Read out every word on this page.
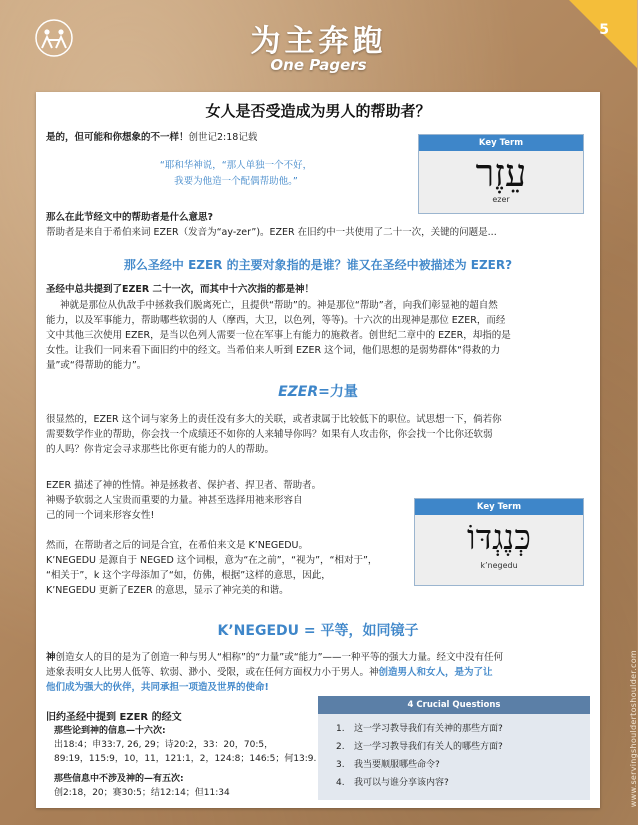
为主奔跑
One Pagers
5
www.servingshouldertoshoulder.com
女人是否受造成为男人的帮助者？
是的，但可能和你想象的不一样！创世记2:18记载
“耶和华神说，“那人单独一个不好，
我要为他造一个配偶帮助他。”
Key Term
עֵזֶר
ezer
那么在此节经文中的帮助者是什么意思?
帮助者是来自于希伯来词 EZER（发音为“ay-zer”)。EZER 在旧约中一共使用了二十一次，关键的问题是...
那么圣经中 EZER 的主要对象指的是谁？谁又在圣经中被描述为 EZER?
圣经中总共提到了EZER 二十一次，而其中十六次指的都是神！
神就是那位从仇敌手中拯救我们脱离死亡，且提供“帮助”的。神是那位“帮助”者，向我们彰显祂的超自然
能力，以及军事能力，帮助哪些软弱的人（摩西，大卫，以色列，等等)。十六次的出现神是那位 EZER，而经
文中其他三次使用 EZER，是当以色列人需要一位在军事上有能力的施救者。创世纪二章中的 EZER，却指的是
女性。让我们一同来看下面旧约中的经文。当希伯来人听到 EZER 这个词，他们思想的是弱势群体“得救的力
量”或“得帮助的能力”。
EZER=力量
很显然的，EZER 这个词与家务上的责任没有多大的关联，或者隶属于比较低下的职位。试思想一下，倘若你
需要数学作业的帮助，你会找一个成绩还不如你的人来辅导你吗？如果有人攻击你，你会找一个比你还软弱
的人吗？你肯定会寻求那些比你更有能力的人的帮助。
EZER 描述了神的性情。神是拯救者、保护者、捍卫者、帮助者。
神赐予软弱之人宝贵而重要的力量。神甚至选择用祂来形容自
己的同一个词来形容女性!
Key Term
כְּנֶגְדּוֹ
k’negedu
然而，在帮助者之后的词是合宜，在希伯来文是 K’NEGEDU。
K’NEGEDU 是源自于 NEGED 这个词根，意为“在之前”，“视为”，“相对于”，
“相关于”，k 这个字母添加了“如，仿佛，根据”这样的意思，因此，
K’NEGEDU 更新了EZER 的意思，显示了神完美的和谐。
K’NEGEDU = 平等，如同镜子
神创造女人的目的是为了创造一种与男人“相称”的“力量”或“能力”——一种平等的强大力量。经文中没有任何
迹象表明女人比男人低等、软弱、渺小、受限，或在任何方面权力小于男人。神创造男人和女人，是为了让
他们成为强大的伙伴，共同承担一项造及世界的使命!
旧约圣经中提到 EZER 的经文
那些论到神的信息—十六次:
出18:4；申33:7, 26, 29；诗20:2，33：20，70:5，
89:19，115:9，10，11，121:1，2，124:8；146:5；何13:9.
那些信息中不涉及神的—有五次:
创2:18，20；赛30:5；结12:14；但11:34
4 Crucial Questions
1. 这一学习教导我们有关神的那些方面?
2. 这一学习教导我们有关人的哪些方面?
3. 我当要顺服哪些命令?
4. 我可以与谁分享该内容?
